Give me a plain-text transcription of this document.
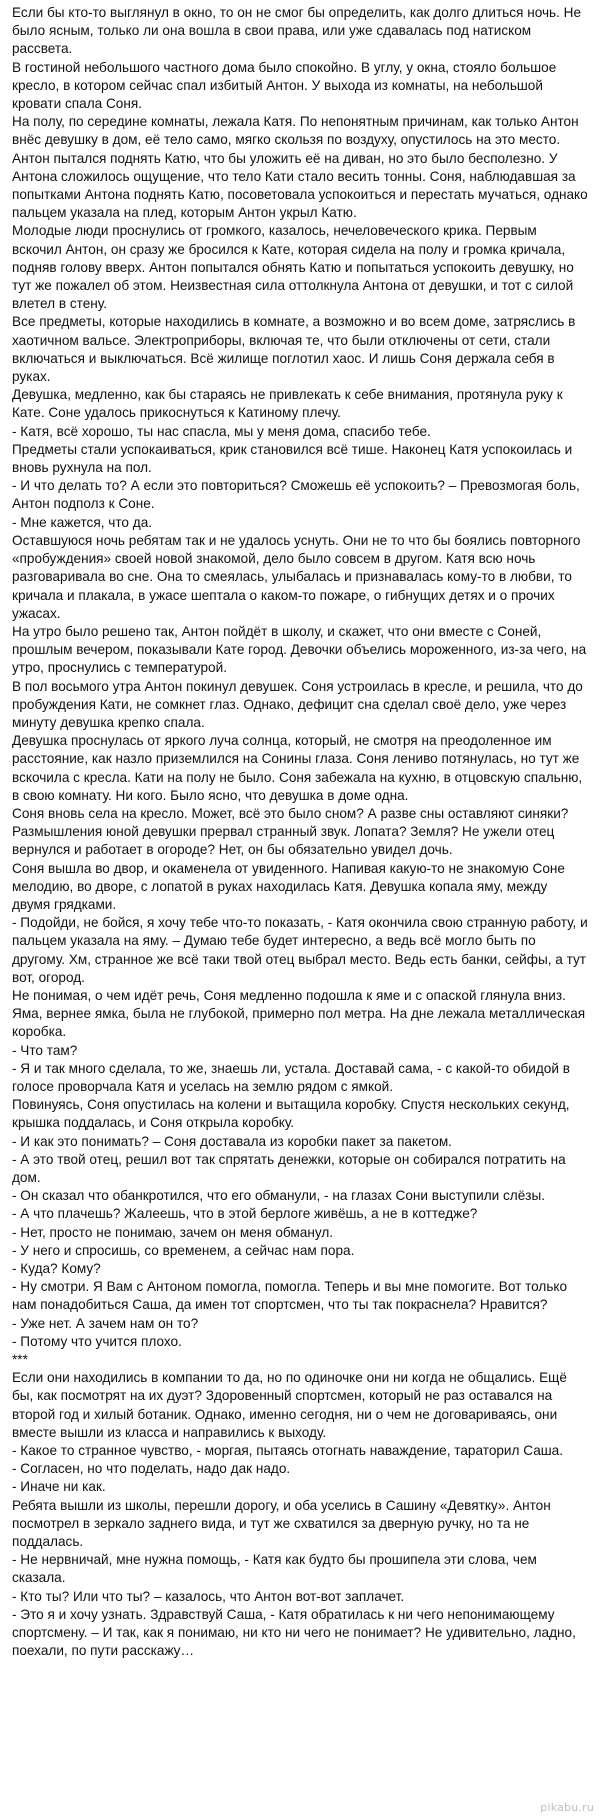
Если бы кто-то выглянул в окно, то он не смог бы определить, как долго длиться ночь. Не было ясным, только ли она вошла в свои права, или уже сдавалась под натиском рассвета.

В гостиной небольшого частного дома было спокойно. В углу, у окна, стояло большое кресло, в котором сейчас спал избитый Антон. У выхода из комнаты, на небольшой кровати спала Соня.

На полу, по середине комнаты, лежала Катя. По непонятным причинам, как только Антон внёс девушку в дом, её тело само, мягко скользя по воздуху, опустилось на это место.

Антон пытался поднять Катю, что бы уложить её на диван, но это было бесполезно. У Антона сложилось ощущение, что тело Кати стало весить тонны. Соня, наблюдавшая за попытками Антона поднять Катю, посоветовала успокоиться и перестать мучаться, однако пальцем указала на плед, которым Антон укрыл Катю.

Молодые люди проснулись от громкого, казалось, нечеловеческого крика. Первым вскочил Антон, он сразу же бросился к Кате, которая сидела на полу и громка кричала, подняв голову вверх. Антон попытался обнять Катю и попытаться успокоить девушку, но тут же пожалел об этом. Неизвестная сила оттолкнула Антона от девушки, и тот с силой влетел в стену.

Все предметы, которые находились в комнате, а возможно и во всем доме, затряслись в хаотичном вальсе. Электроприборы, включая те, что были отключены от сети, стали включаться и выключаться. Всё жилище поглотил хаос. И лишь Соня держала себя в руках.

Девушка, медленно, как бы стараясь не привлекать к себе внимания, протянула руку к Кате. Соне удалось прикоснуться к Катиному плечу.

- Катя, всё хорошо, ты нас спасла, мы у меня дома, спасибо тебе.

Предметы стали успокаиваться, крик становился всё тише. Наконец Катя успокоилась и вновь рухнула на пол.

- И что делать то? А если это повториться? Сможешь её успокоить? – Превозмогая боль, Антон подполз к Соне.

- Мне кажется, что да.

Оставшуюся ночь ребятам так и не удалось уснуть. Они не то что бы боялись повторного «пробуждения» своей новой знакомой, дело было совсем в другом. Катя всю ночь разговаривала во сне. Она то смеялась, улыбалась и признавалась кому-то в любви, то кричала и плакала, в ужасе шептала о каком-то пожаре, о гибнущих детях и о прочих ужасах.

На утро было решено так, Антон пойдёт в школу, и скажет, что они вместе с Соней, прошлым вечером, показывали Кате город. Девочки объелись мороженного, из-за чего, на утро, проснулись с температурой.

В пол восьмого утра Антон покинул девушек. Соня устроилась в кресле, и решила, что до пробуждения Кати, не сомкнет глаз. Однако, дефицит сна сделал своё дело, уже через минуту девушка крепко спала.

Девушка проснулась от яркого луча солнца, который, не смотря на преодоленное им расстояние, как назло приземлился на Сонины глаза. Соня лениво потянулась, но тут же вскочила с кресла. Кати на полу не было. Соня забежала на кухню, в отцовскую спальню, в свою комнату. Ни кого. Было ясно, что девушка в доме одна.

Соня вновь села на кресло. Может, всё это было сном? А разве сны оставляют синяки? Размышления юной девушки прервал странный звук. Лопата? Земля? Не ужели отец вернулся и работает в огороде? Нет, он бы обязательно увидел дочь.

Соня вышла во двор, и окаменела от увиденного. Напивая какую-то не знакомую Соне мелодию, во дворе, с лопатой в руках находилась Катя. Девушка копала яму, между двумя грядками.

- Подойди, не бойся, я хочу тебе что-то показать, - Катя окончила свою странную работу, и пальцем указала на яму. – Думаю тебе будет интересно, а ведь всё могло быть по другому. Хм, странное же всё таки твой отец выбрал место. Ведь есть банки, сейфы, а тут вот, огород.

Не понимая, о чем идёт речь, Соня медленно подошла к яме и с опаской глянула вниз. Яма, вернее ямка, была не глубокой, примерно пол метра. На дне лежала металлическая коробка.

- Что там?

- Я и так много сделала, то же, знаешь ли, устала. Доставай сама, - с какой-то обидой в голосе проворчала Катя и уселась на землю рядом с ямкой.

Повинуясь, Соня опустилась на колени и вытащила коробку. Спустя нескольких секунд, крышка поддалась, и Соня открыла коробку.

- И как это понимать? – Соня доставала из коробки пакет за пакетом.

- А это твой отец, решил вот так спрятать денежки, которые он собирался потратить на дом.

- Он сказал что обанкротился, что его обманули, - на глазах Сони выступили слёзы.

- А что плачешь? Жалеешь, что в этой берлоге живёшь, а не в коттедже?

- Нет, просто не понимаю, зачем он меня обманул.

- У него и спросишь, со временем, а сейчас нам пора.

- Куда? Кому?

- Ну смотри. Я Вам с Антоном помогла, помогла. Теперь и вы мне помогите. Вот только нам понадобиться Саша, да имен тот спортсмен, что ты так покраснела? Нравится?

- Уже нет. А зачем нам он то?

- Потому что учится плохо.

***

Если они находились в компании то да, но по одиночке они ни когда не общались. Ещё бы, как посмотрят на их дуэт? Здоровенный спортсмен, который не раз оставался на второй год и хилый ботаник. Однако, именно сегодня, ни о чем не договариваясь, они вместе вышли из класса и направились к выходу.

- Какое то странное чувство, - моргая, пытаясь отогнать наваждение, тараторил Саша.

- Согласен, но что поделать, надо дак надо.

- Иначе ни как.

Ребята вышли из школы, перешли дорогу, и оба уселись в Сашину «Девятку». Антон посмотрел в зеркало заднего вида, и тут же схватился за дверную ручку, но та не поддалась.

- Не нервничай, мне нужна помощь, - Катя как будто бы прошипела эти слова, чем сказала.

- Кто ты? Или что ты? – казалось, что Антон вот-вот заплачет.

- Это я и хочу узнать. Здравствуй Саша, - Катя обратилась к ни чего непонимающему спортсмену. – И так, как я понимаю, ни кто ни чего не понимает? Не удивительно, ладно, поехали, по пути расскажу…

pikabu.ru
